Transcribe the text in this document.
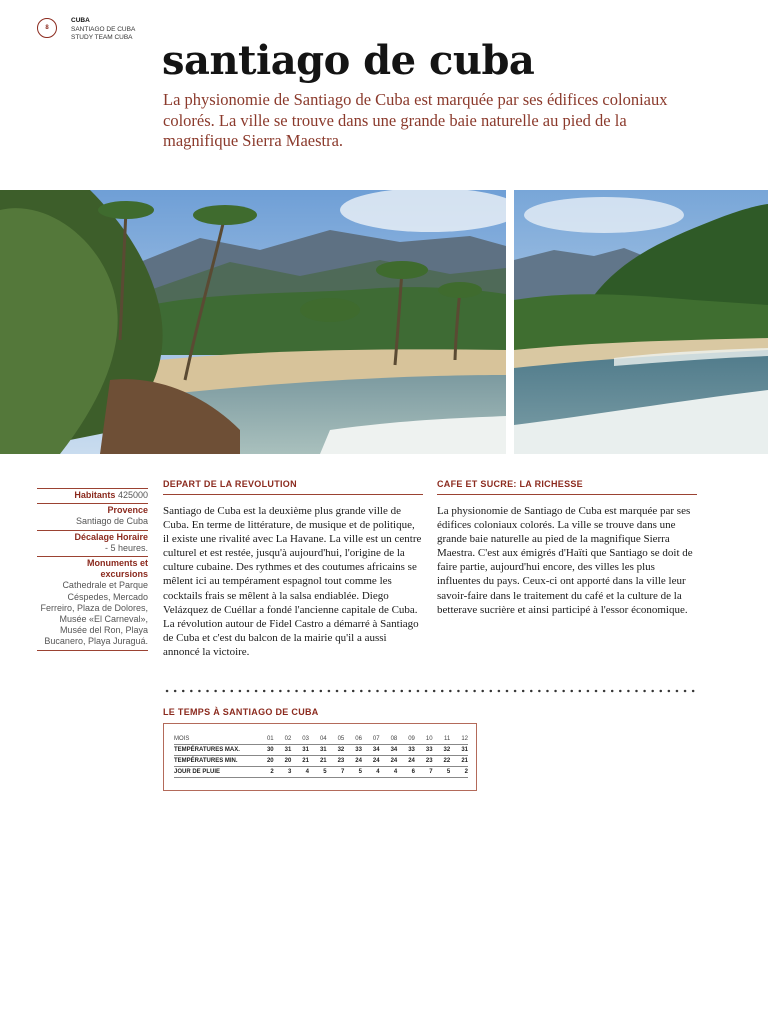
8
CUBA
SANTIAGO DE CUBA
STUDY TEAM CUBA santiago de cuba

La physionomie de Santiago de Cuba est marquée par ses édifices coloniaux colorés. La ville se trouve dans une grande baie naturelle au pied de la magnifique Sierra Maestra.

Habitants 425000
Provence
Santiago de Cuba
Décalage Horaire
- 5 heures.
Monuments et excursions
Cathedrale et Parque Céspedes, Mercado Ferreiro, Plaza de Dolores, Musée «El Carneval», Musée del Ron, Playa Bucanero, Playa Juraguá.
DEPART DE LA REVOLUTION

Santiago de Cuba est la deuxième plus grande ville de Cuba. En terme de littérature, de musique et de politique, il existe une rivalité avec La Havane. La ville est un centre culturel et est restée, jusqu'à aujourd'hui, l'origine de la culture cubaine. Des rythmes et des coutumes africains se mêlent ici au tempérament espagnol tout comme les cocktails frais se mêlent à la salsa endiablée. Diego Velázquez de Cuéllar a fondé l'ancienne capitale de Cuba. La révolution autour de Fidel Castro a démarré à Santiago de Cuba et c'est du balcon de la mairie qu'il a aussi annoncé la victoire.

CAFE ET SUCRE: LA RICHESSE

La physionomie de Santiago de Cuba est marquée par ses édifices coloniaux colorés. La ville se trouve dans une grande baie naturelle au pied de la magnifique Sierra Maestra. C'est aux émigrés d'Haïti que Santiago se doit de faire partie, aujourd'hui encore, des villes les plus influentes du pays. Ceux-ci ont apporté dans la ville leur savoir-faire dans le traitement du café et la culture de la betterave sucrière et ainsi participé à l'essor économique.

LE TEMPS À SANTIAGO DE CUBA
MOIS	01	02	03	04	05	06	07	08	09	10	11	12
TEMPÉRATURES MAX.	30	31	31	31	32	33	34	34	33	33	32	31
TEMPÉRATURES MIN.	20	20	21	21	23	24	24	24	24	23	22	21
JOUR DE PLUIE	2	3	4	5	7	5	4	4	6	7	5	2
